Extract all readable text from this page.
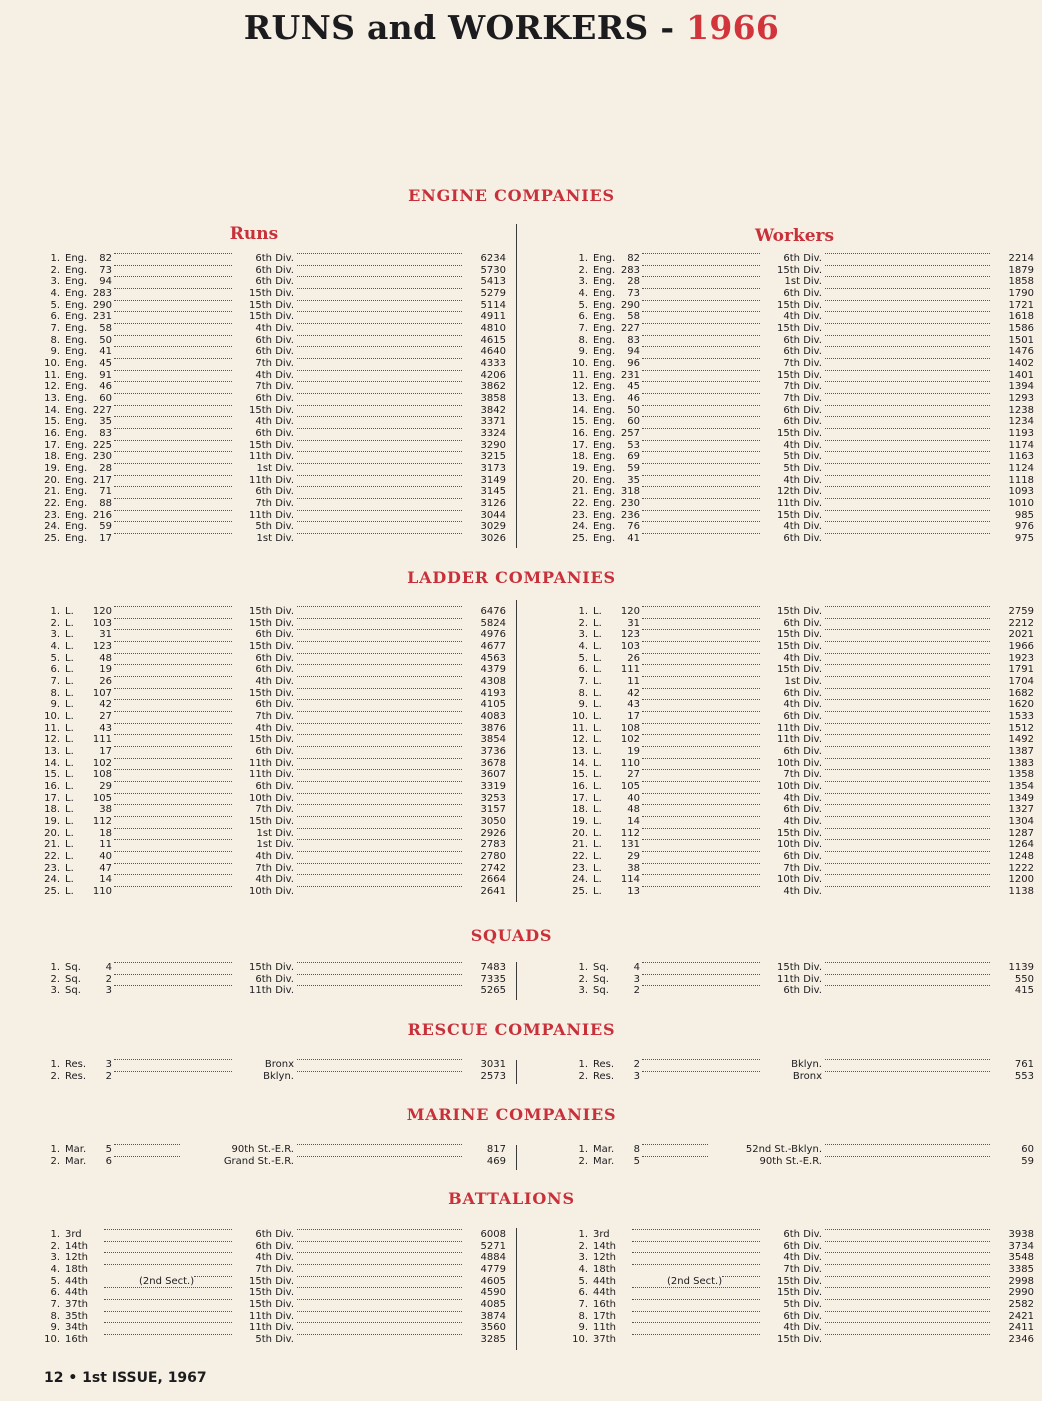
RUNS and WORKERS - 1966
12 • 1st ISSUE, 1967
ENGINE COMPANIES
Runs	Workers
1. Eng.	82	6th Div.	6234
2. Eng.	73	6th Div.	5730
3. Eng.	94	6th Div.	5413
4. Eng. 283	15th Div.	5279
5. Eng. 290	15th Div.	5114
6. Eng. 231	15th Div.	4911
7. Eng.	58	4th Div.	4810
8. Eng.	50	6th Div.	4615
9. Eng.	41	6th Div.	4640
10. Eng.	45	7th Div.	4333
11. Eng.	91	4th Div.	4206
12. Eng.	46	7th Div.	3862
13. Eng.	60	6th Div.	3858
14. Eng. 227	15th Div.	3842
15. Eng.	35	4th Div.	3371
16. Eng.	83	6th Div.	3324
17. Eng. 225	15th Div.	3290
18. Eng. 230	11th Div.	3215
19. Eng.	28	1st Div.	3173
20. Eng. 217	11th Div.	3149
21. Eng.	71	6th Div.	3145
22. Eng.	88	7th Div.	3126
23. Eng. 216	11th Div.	3044
24. Eng.	59	5th Div.	3029
25. Eng.	17	1st Div.	3026
1. Eng.	82	6th Div.	2214
2. Eng. 283	15th Div.	1879
3. Eng.	28	1st Div.	1858
4. Eng.	73	6th Div.	1790
5. Eng. 290	15th Div.	1721
6. Eng.	58	4th Div.	1618
7. Eng. 227	15th Div.	1586
8. Eng.	83	6th Div.	1501
9. Eng.	94	6th Div.	1476
10. Eng.	96	7th Div.	1402
11. Eng. 231	15th Div.	1401
12. Eng.	45	7th Div.	1394
13. Eng.	46	7th Div.	1293
14. Eng.	50	6th Div.	1238
15. Eng.	60	6th Div.	1234
16. Eng. 257	15th Div.	1193
17. Eng.	53	4th Div.	1174
18. Eng.	69	5th Div.	1163
19. Eng.	59	5th Div.	1124
20. Eng.	35	4th Div.	1118
21. Eng. 318	12th Div.	1093
22. Eng. 230	11th Div.	1010
23. Eng. 236	15th Div.	985
24. Eng.	76	4th Div.	976
25. Eng.	41	6th Div.	975
LADDER COMPANIES
1. L.	120	15th Div.	6476
2. L.	103	15th Div.	5824
3. L.	31	6th Div.	4976
4. L.	123	15th Div.	4677
5. L.	48	6th Div.	4563
6. L.	19	6th Div.	4379
7. L.	26	4th Div.	4308
8. L.	107	15th Div.	4193
9. L.	42	6th Div.	4105
10. L.	27	7th Div.	4083
11. L.	43	4th Div.	3876
12. L.	111	15th Div.	3854
13. L.	17	6th Div.	3736
14. L.	102	11th Div.	3678
15. L.	108	11th Div.	3607
16. L.	29	6th Div.	3319
17. L.	105	10th Div.	3253
18. L.	38	7th Div.	3157
19. L.	112	15th Div.	3050
20. L.	18	1st Div.	2926
21. L.	11	1st Div.	2783
22. L.	40	4th Div.	2780
23. L.	47	7th Div.	2742
24. L.	14	4th Div.	2664
25. L.	110	10th Div.	2641
1. L.	120	15th Div.	2759
2. L.	31	6th Div.	2212
3. L.	123	15th Div.	2021
4. L.	103	15th Div.	1966
5. L.	26	4th Div.	1923
6. L.	111	15th Div.	1791
7. L.	11	1st Div.	1704
8. L.	42	6th Div.	1682
9. L.	43	4th Div.	1620
10. L.	17	6th Div.	1533
11. L.	108	11th Div.	1512
12. L.	102	11th Div.	1492
13. L.	19	6th Div.	1387
14. L.	110	10th Div.	1383
15. L.	27	7th Div.	1358
16. L.	105	10th Div.	1354
17. L.	40	4th Div.	1349
18. L.	48	6th Div.	1327
19. L.	14	4th Div.	1304
20. L.	112	15th Div.	1287
21. L.	131	10th Div.	1264
22. L.	29	6th Div.	1248
23. L.	38	7th Div.	1222
24. L.	114	10th Div.	1200
25. L.	13	4th Div.	1138
SQUADS
1. Sq.	4	15th Div.	7483
2. Sq.	2	6th Div.	7335
3. Sq.	3	11th Div.	5265
1. Sq.	4	15th Div.	1139
2. Sq.	3	11th Div.	550
3. Sq.	2	6th Div.	415
RESCUE COMPANIES
1. Res.	3	Bronx	3031
2. Res.	2	Bklyn.	2573
1. Res.	2	Bklyn.	761
2. Res.	3	Bronx	553
MARINE COMPANIES
1. Mar.	5	90th St.-E.R.	817
2. Mar.	6	Grand St.-E.R.	469
1. Mar.	8	52nd St.-Bklyn.	60
2. Mar.	5	90th St.-E.R.	59
BATTALIONS
1. 3rd	6th Div.	6008
2. 14th	6th Div.	5271
3. 12th	4th Div.	4884
4. 18th	7th Div.	4779
5. 44th	(2nd Sect.)	15th Div.	4605
6. 44th	15th Div.	4590
7. 37th	15th Div.	4085
8. 35th	11th Div.	3874
9. 34th	11th Div.	3560
10. 16th	5th Div.	3285
1. 3rd	6th Div.	3938
2. 14th	6th Div.	3734
3. 12th	4th Div.	3548
4. 18th	7th Div.	3385
5. 44th	(2nd Sect.)	15th Div.	2998
6. 44th	15th Div.	2990
7. 16th	5th Div.	2582
8. 17th	6th Div.	2421
9. 11th	4th Div.	2411
10. 37th	15th Div.	2346
